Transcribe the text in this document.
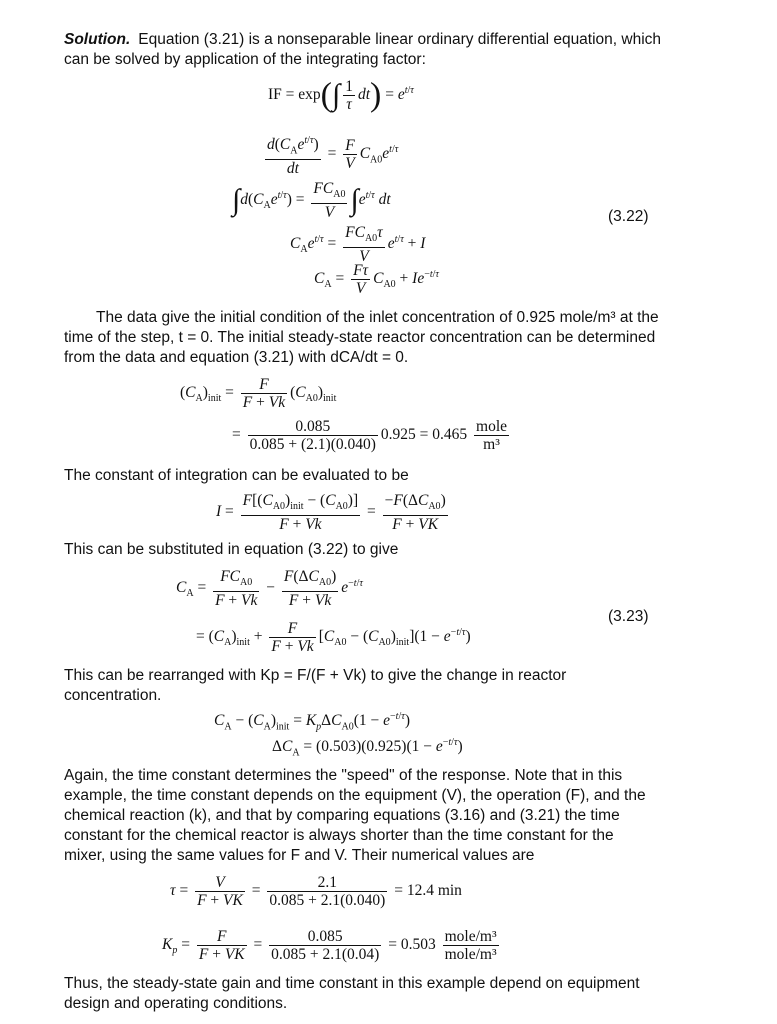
Solution. Equation (3.21) is a nonseparable linear ordinary differential equation, which can be solved by application of the integrating factor:

IF = $\exp(\int \frac{1}{\tau} dt) = e^{t/\tau}$
$\frac{d(C_Ae^{t/\tau})}{dt} = \frac{F}{V} C_{A0}e^{t/\tau}$
$\int d(C_Ae^{t/\tau}) = \frac{FC_{A0}}{V} \int e^{t/\tau}$ dt
(3.22)
$C_Ae^{t/\tau} = \frac{FC_{A0}\tau}{V} e^{t/\tau} + I$
$C_A = \frac{F\tau}{V} C_{A0} + Ie^{-t/\tau}$

The data give the initial condition of the inlet concentration of 0.925 mole/m³ at the time of the step, t = 0. The initial steady-state reactor concentration can be determined from the data and equation (3.21) with dCA/dt = 0.

$(C_A)_{init} = \frac{F}{F + Vk} (C_{A0})_{init}$
= $\frac{0.085}{0.085 + (2.1)(0.040)} 0.925 = 0.465 \frac{\text{mole}}{\text{m³}}$

The constant of integration can be evaluated to be

$I = \frac{F[(C_{A0})_{init} - (C_{A0})]}{F + Vk} = \frac{-F(\Delta C_{A0})}{F + VK}$

This can be substituted in equation (3.22) to give

$C_A = \frac{FC_{A0}}{F + Vk} - \frac{F(\Delta C_{A0})}{F + Vk} e^{-t/\tau}$
(3.23)
= $(C_A)_{init} + \frac{F}{F + Vk} [C_{A0} - (C_{A0})_{init}](1 - e^{-t/\tau})$

This can be rearranged with Kp = F/(F + Vk) to give the change in reactor concentration.

$C_A - (C_A)_{init} = K_p\Delta C_{A0}(1 - e^{-t/\tau})$
$\Delta C_A = (0.503)(0.925)(1 - e^{-t/\tau})$

Again, the time constant determines the "speed" of the response. Note that in this example, the time constant depends on the equipment (V), the operation (F), and the chemical reaction (k), and that by comparing equations (3.16) and (3.21) the time constant for the chemical reactor is always shorter than the time constant for the mixer, using the same values for F and V. Their numerical values are

$\tau = \frac{V}{F + VK} = \frac{2.1}{0.085 + 2.1(0.040)} = 12.4$ min
$K_p = \frac{F}{F + VK} = \frac{0.085}{0.085 + 2.1(0.04)} = 0.503 \frac{\text{mole/m³}}{\text{mole/m³}}$

Thus, the steady-state gain and time constant in this example depend on equipment design and operating conditions.
